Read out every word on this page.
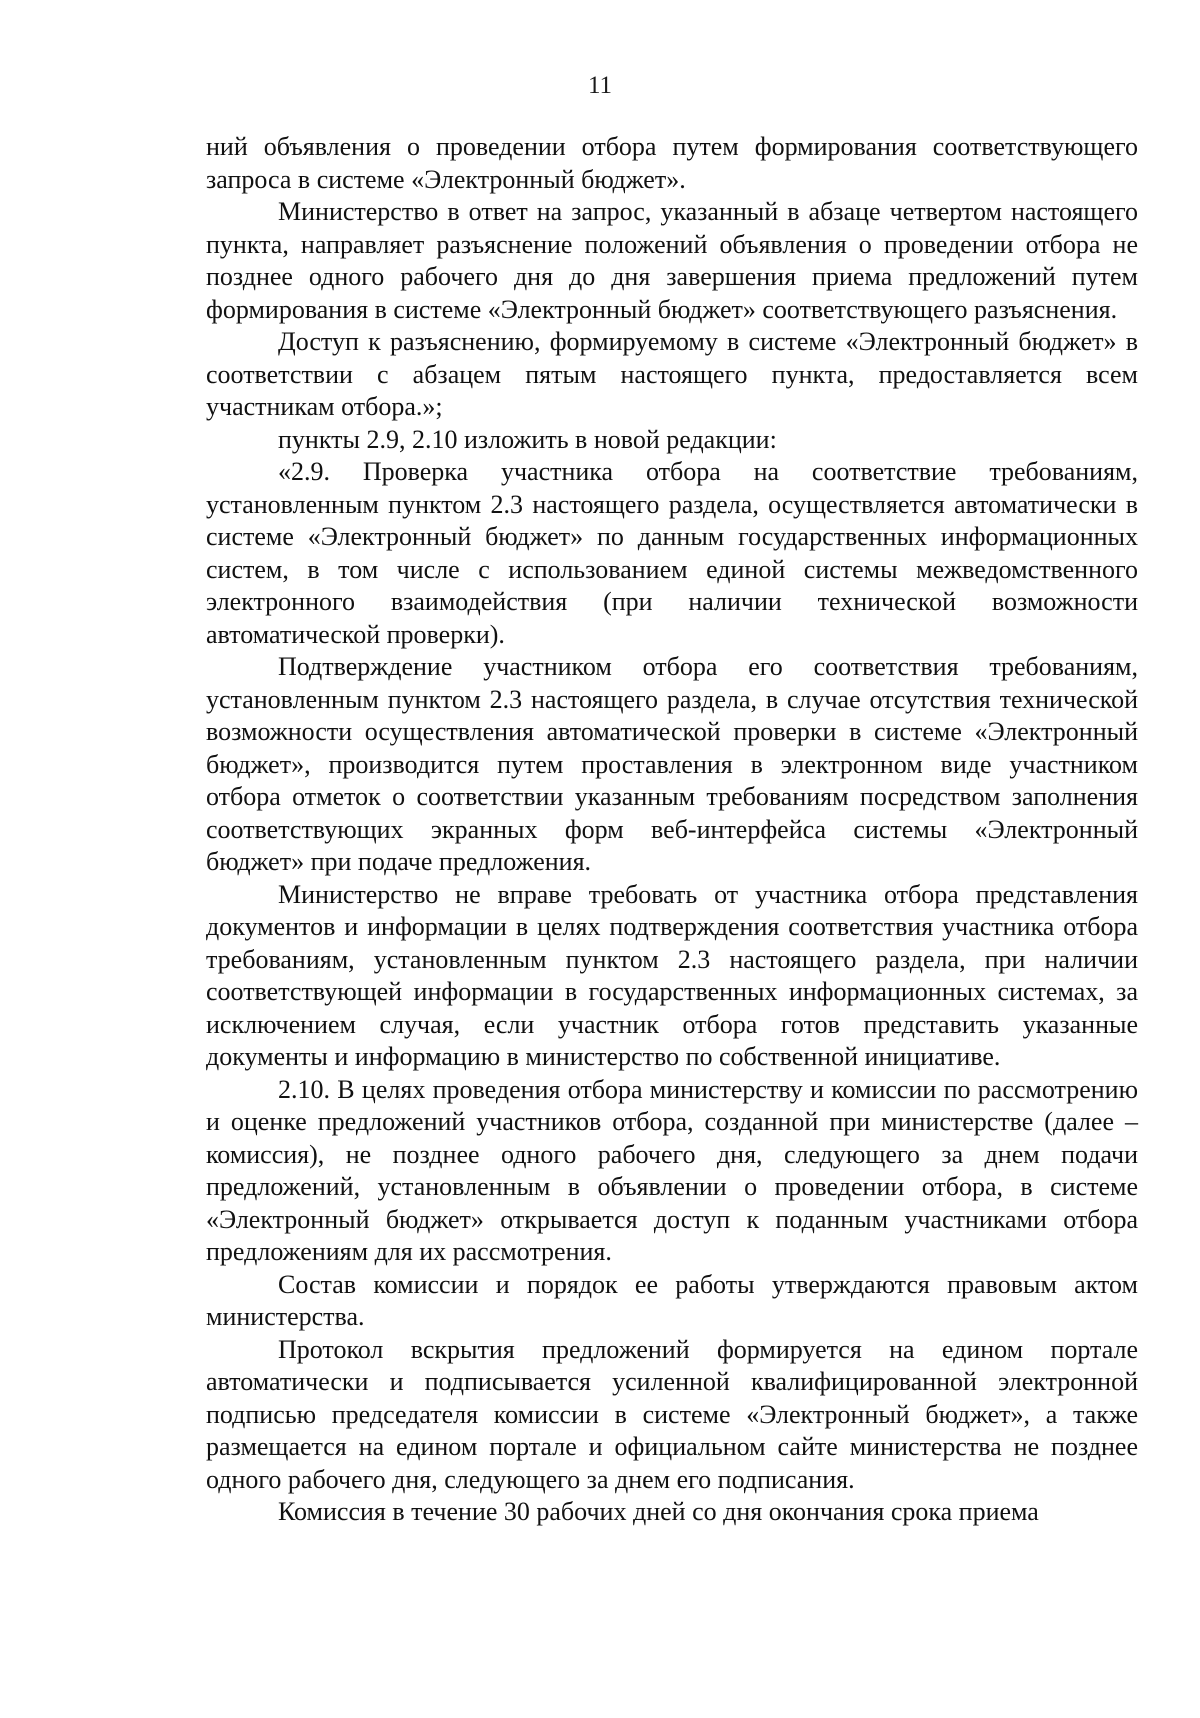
11

ний объявления о проведении отбора путем формирования соответствующего запроса в системе «Электронный бюджет».

Министерство в ответ на запрос, указанный в абзаце четвертом настоящего пункта, направляет разъяснение положений объявления о проведении отбора не позднее одного рабочего дня до дня завершения приема предложений путем формирования в системе «Электронный бюджет» соответствующего разъяснения.

Доступ к разъяснению, формируемому в системе «Электронный бюджет» в соответствии с абзацем пятым настоящего пункта, предоставляется всем участникам отбора.»;

пункты 2.9, 2.10 изложить в новой редакции:

«2.9. Проверка участника отбора на соответствие требованиям, установленным пунктом 2.3 настоящего раздела, осуществляется автоматически в системе «Электронный бюджет» по данным государственных информационных систем, в том числе с использованием единой системы межведомственного электронного взаимодействия (при наличии технической возможности автоматической проверки).

Подтверждение участником отбора его соответствия требованиям, установленным пунктом 2.3 настоящего раздела, в случае отсутствия технической возможности осуществления автоматической проверки в системе «Электронный бюджет», производится путем проставления в электронном виде участником отбора отметок о соответствии указанным требованиям посредством заполнения соответствующих экранных форм веб-интерфейса системы «Электронный бюджет» при подаче предложения.

Министерство не вправе требовать от участника отбора представления документов и информации в целях подтверждения соответствия участника отбора требованиям, установленным пунктом 2.3 настоящего раздела, при наличии соответствующей информации в государственных информационных системах, за исключением случая, если участник отбора готов представить указанные документы и информацию в министерство по собственной инициативе.

2.10. В целях проведения отбора министерству и комиссии по рассмотрению и оценке предложений участников отбора, созданной при министерстве (далее – комиссия), не позднее одного рабочего дня, следующего за днем подачи предложений, установленным в объявлении о проведении отбора, в системе «Электронный бюджет» открывается доступ к поданным участниками отбора предложениям для их рассмотрения.

Состав комиссии и порядок ее работы утверждаются правовым актом министерства.

Протокол вскрытия предложений формируется на едином портале автоматически и подписывается усиленной квалифицированной электронной подписью председателя комиссии в системе «Электронный бюджет», а также размещается на едином портале и официальном сайте министерства не позднее одного рабочего дня, следующего за днем его подписания.

Комиссия в течение 30 рабочих дней со дня окончания срока приема
